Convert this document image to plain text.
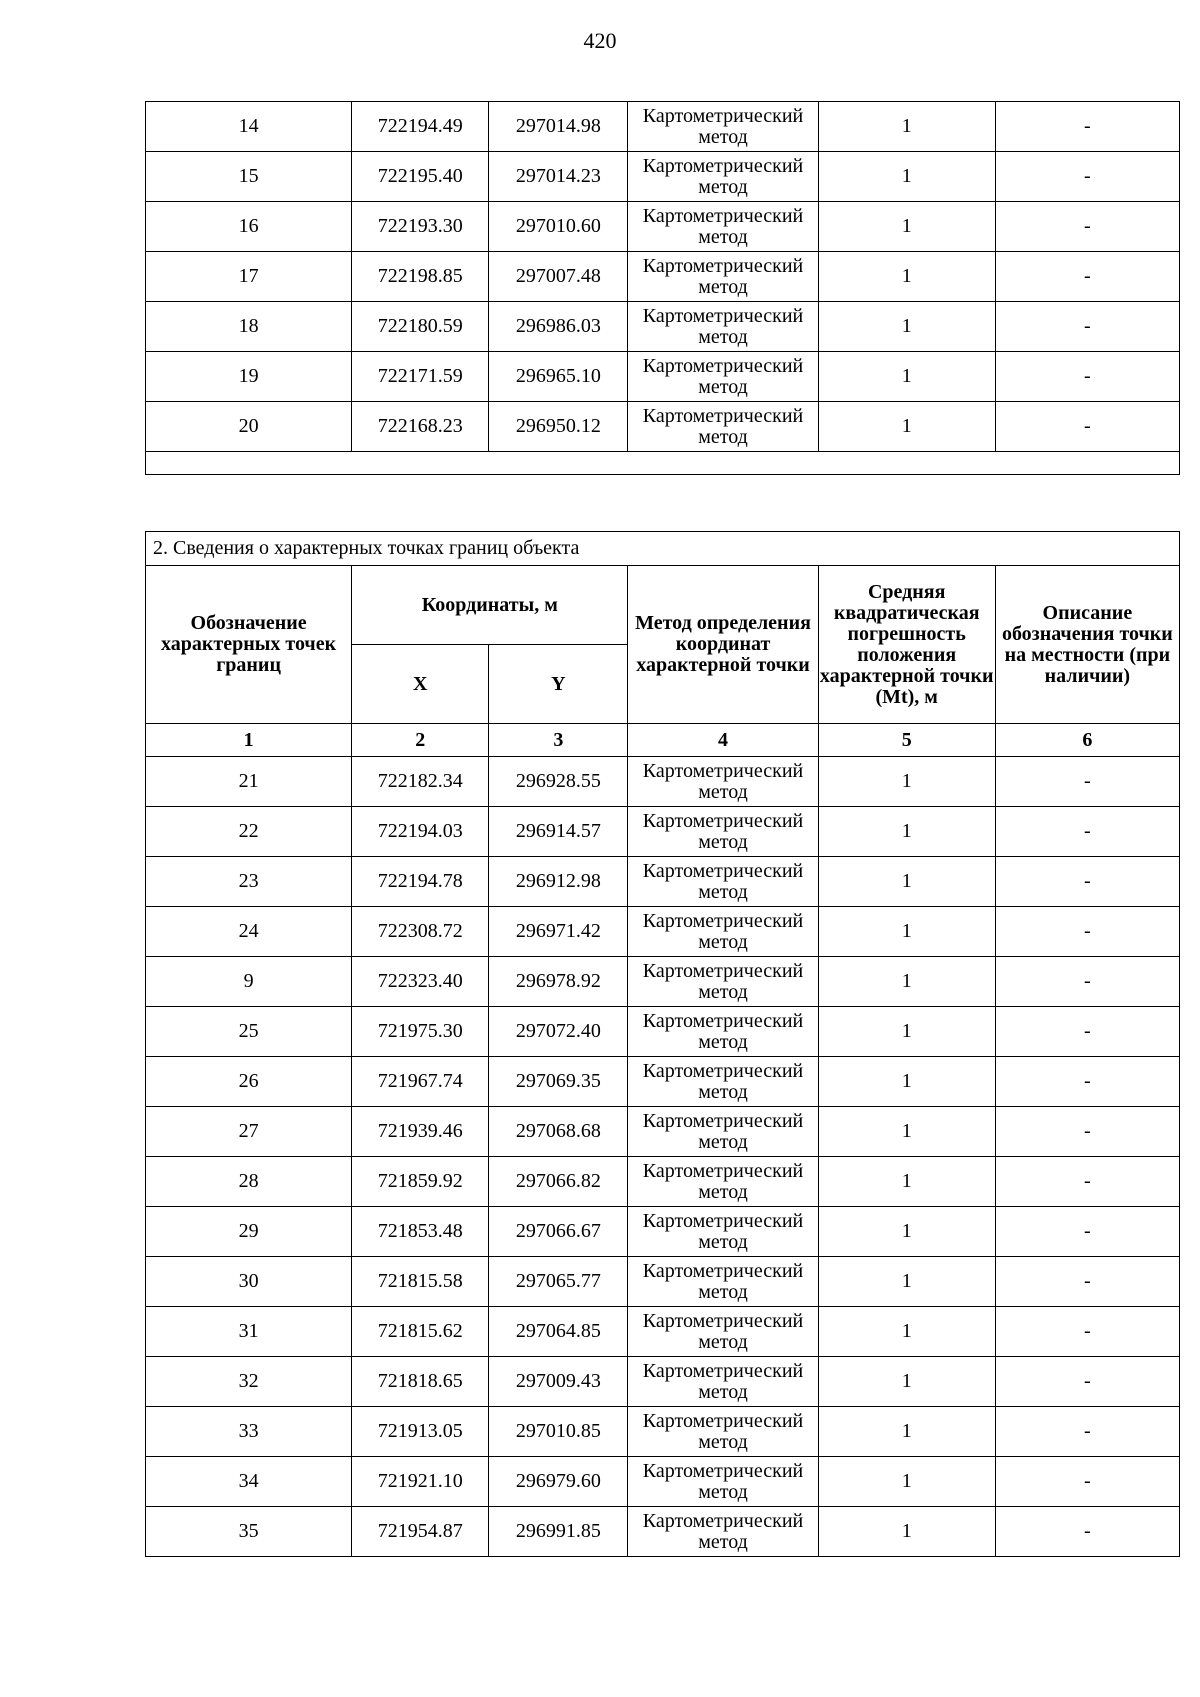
420
14	722194.49	297014.98	Картометрический метод	1	-
15	722195.40	297014.23	Картометрический метод	1	-
16	722193.30	297010.60	Картометрический метод	1	-
17	722198.85	297007.48	Картометрический метод	1	-
18	722180.59	296986.03	Картометрический метод	1	-
19	722171.59	296965.10	Картометрический метод	1	-
20	722168.23	296950.12	Картометрический метод	1	-

2. Сведения о характерных точках границ объекта					
Обозначение характерных точек границ	Координаты, м		Метод определения координат характерной точки	Средняя квадратическая погрешность положения характерной точки (Mt), м	Описание обозначения точки на местности (при наличии)
	X	Y			
1	2	3	4	5	6
21	722182.34	296928.55	Картометрический метод	1	-
22	722194.03	296914.57	Картометрический метод	1	-
23	722194.78	296912.98	Картометрический метод	1	-
24	722308.72	296971.42	Картометрический метод	1	-
9	722323.40	296978.92	Картометрический метод	1	-
25	721975.30	297072.40	Картометрический метод	1	-
26	721967.74	297069.35	Картометрический метод	1	-
27	721939.46	297068.68	Картометрический метод	1	-
28	721859.92	297066.82	Картометрический метод	1	-
29	721853.48	297066.67	Картометрический метод	1	-
30	721815.58	297065.77	Картометрический метод	1	-
31	721815.62	297064.85	Картометрический метод	1	-
32	721818.65	297009.43	Картометрический метод	1	-
33	721913.05	297010.85	Картометрический метод	1	-
34	721921.10	296979.60	Картометрический метод	1	-
35	721954.87	296991.85	Картометрический метод	1	-
